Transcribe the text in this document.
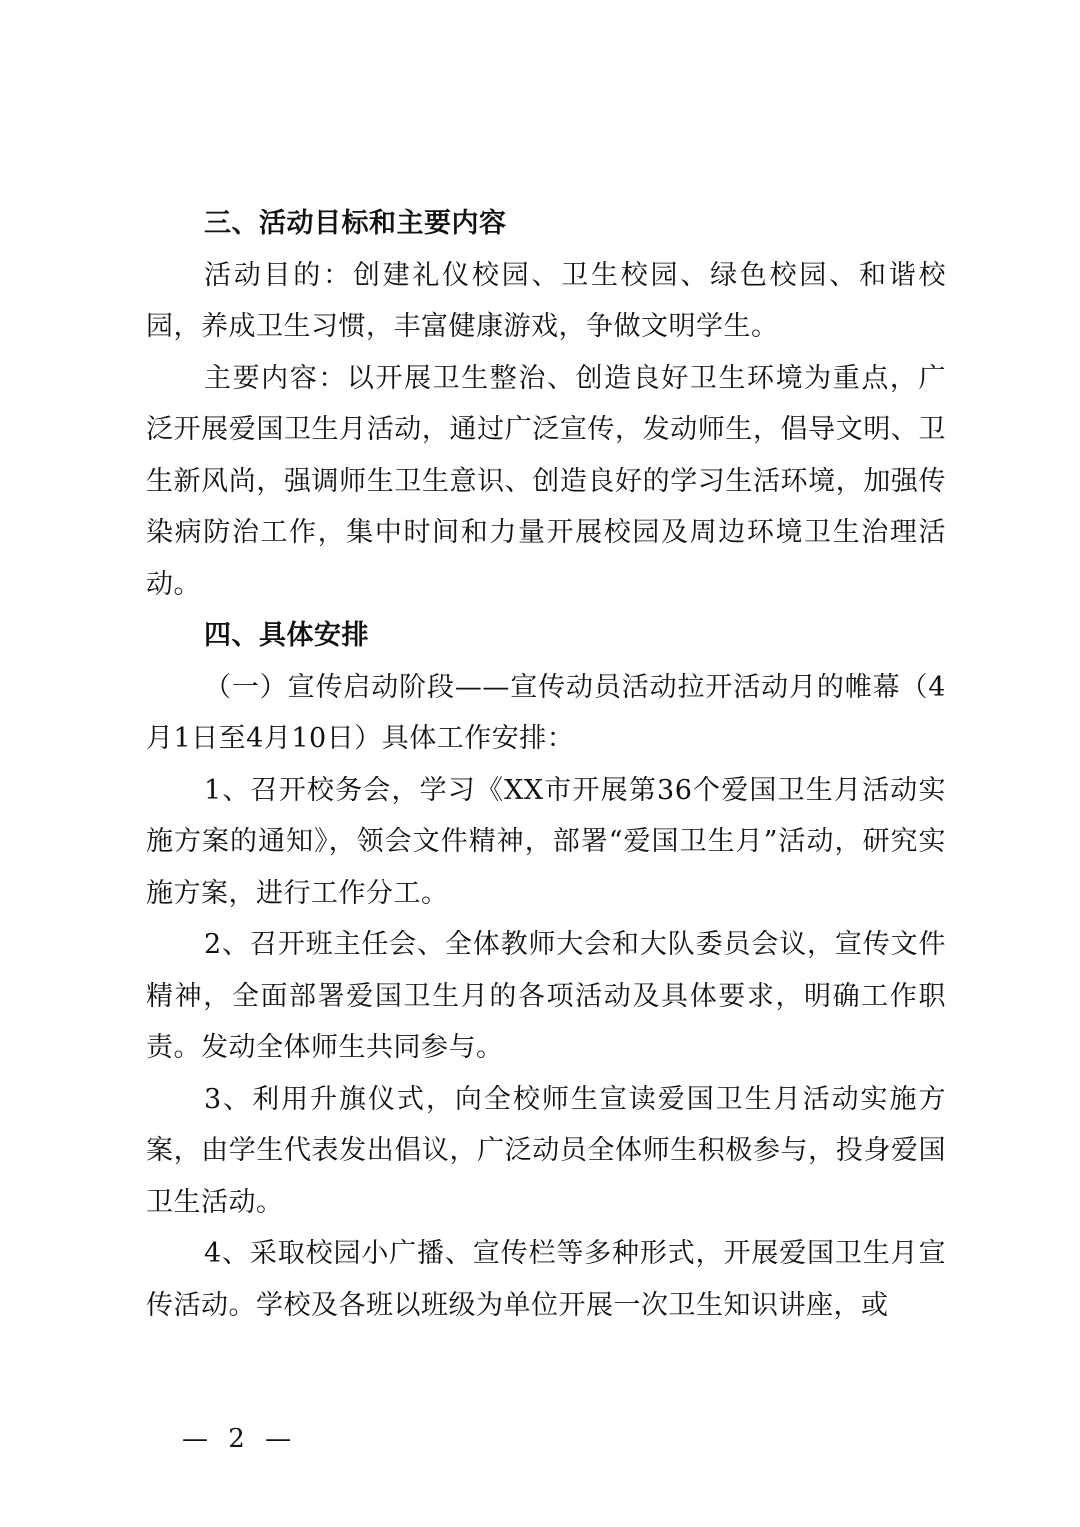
三、活动目标和主要内容

活动目的：创建礼仪校园、卫生校园、绿色校园、和谐校园，养成卫生习惯，丰富健康游戏，争做文明学生。

主要内容：以开展卫生整治、创造良好卫生环境为重点，广泛开展爱国卫生月活动，通过广泛宣传，发动师生，倡导文明、卫生新风尚，强调师生卫生意识、创造良好的学习生活环境，加强传染病防治工作，集中时间和力量开展校园及周边环境卫生治理活动。

四、具体安排

（一）宣传启动阶段——宣传动员活动拉开活动月的帷幕（4月1日至4月10日）具体工作安排：

1、召开校务会，学习《XX市开展第36个爱国卫生月活动实施方案的通知》，领会文件精神，部署“爱国卫生月”活动，研究实施方案，进行工作分工。

2、召开班主任会、全体教师大会和大队委员会议，宣传文件精神，全面部署爱国卫生月的各项活动及具体要求，明确工作职责。发动全体师生共同参与。

3、利用升旗仪式，向全校师生宣读爱国卫生月活动实施方案，由学生代表发出倡议，广泛动员全体师生积极参与，投身爱国卫生活动。

4、采取校园小广播、宣传栏等多种形式，开展爱国卫生月宣传活动。学校及各班以班级为单位开展一次卫生知识讲座，或

— 2 —
